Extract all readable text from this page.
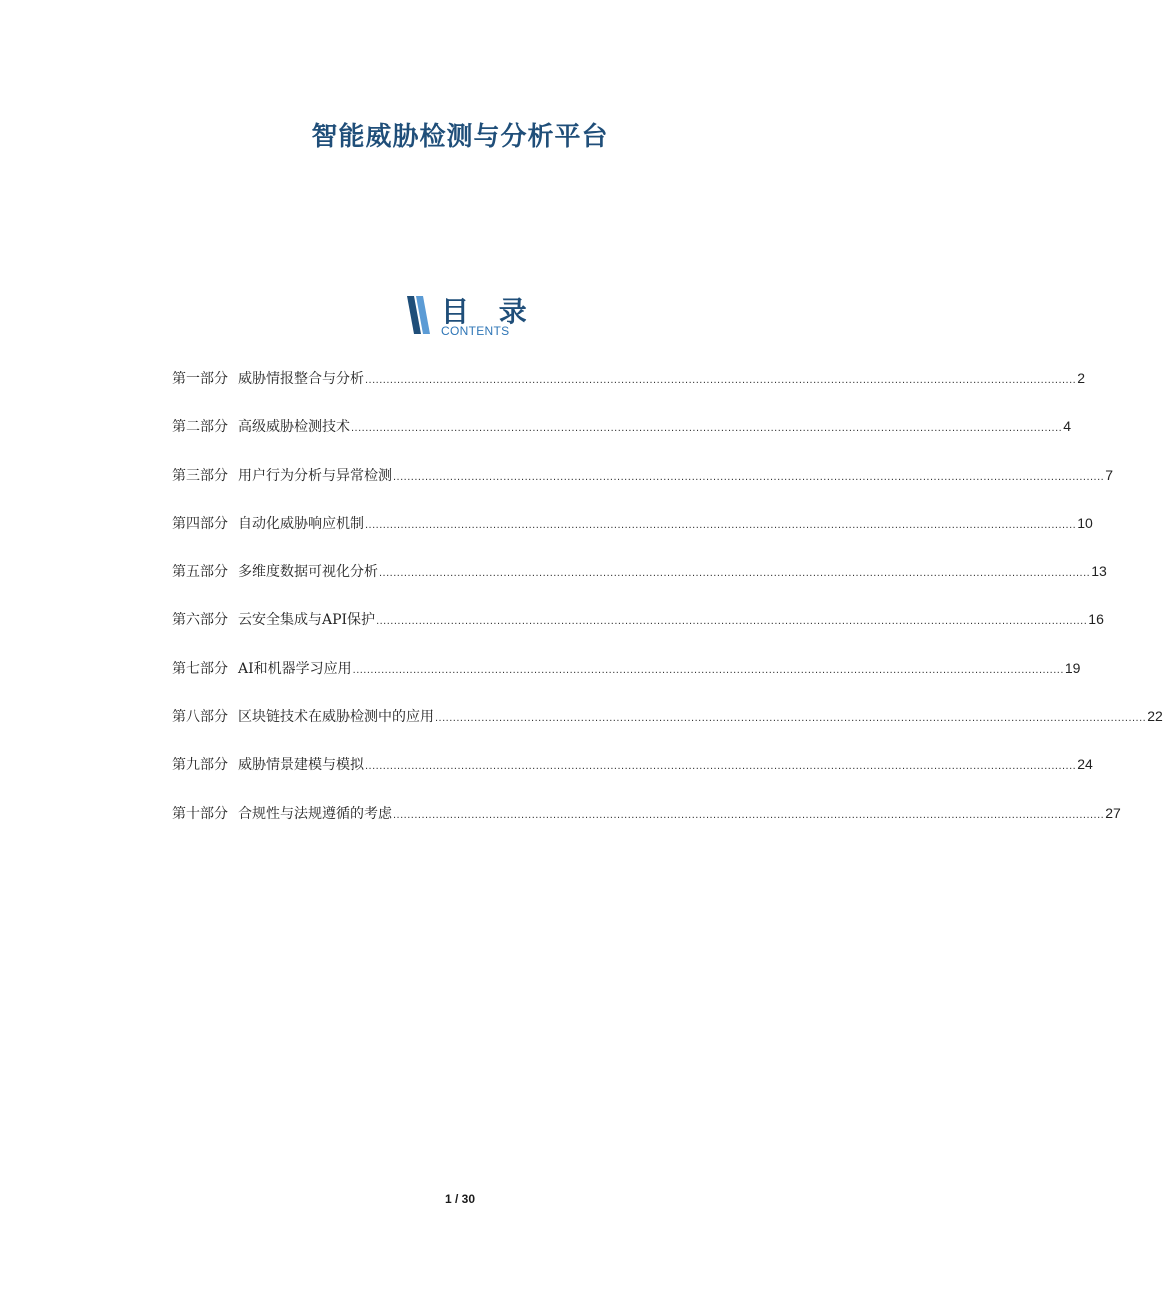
智能威胁检测与分析平台
目 录
CONTENTS
第一部分 威胁情报整合与分析 ........................................................................................................................................................................................................ 2
第二部分 高级威胁检测技术 ........................................................................................................................................................................................................ 4
第三部分 用户行为分析与异常检测 ........................................................................................................................................................................................................ 7
第四部分 自动化威胁响应机制 ........................................................................................................................................................................................................ 10
第五部分 多维度数据可视化分析 ........................................................................................................................................................................................................ 13
第六部分 云安全集成与API保护 ........................................................................................................................................................................................................ 16
第七部分 AI和机器学习应用 ........................................................................................................................................................................................................ 19
第八部分 区块链技术在威胁检测中的应用 ........................................................................................................................................................................................................ 22
第九部分 威胁情景建模与模拟 ........................................................................................................................................................................................................ 24
第十部分 合规性与法规遵循的考虑 ........................................................................................................................................................................................................ 27
1 / 30
